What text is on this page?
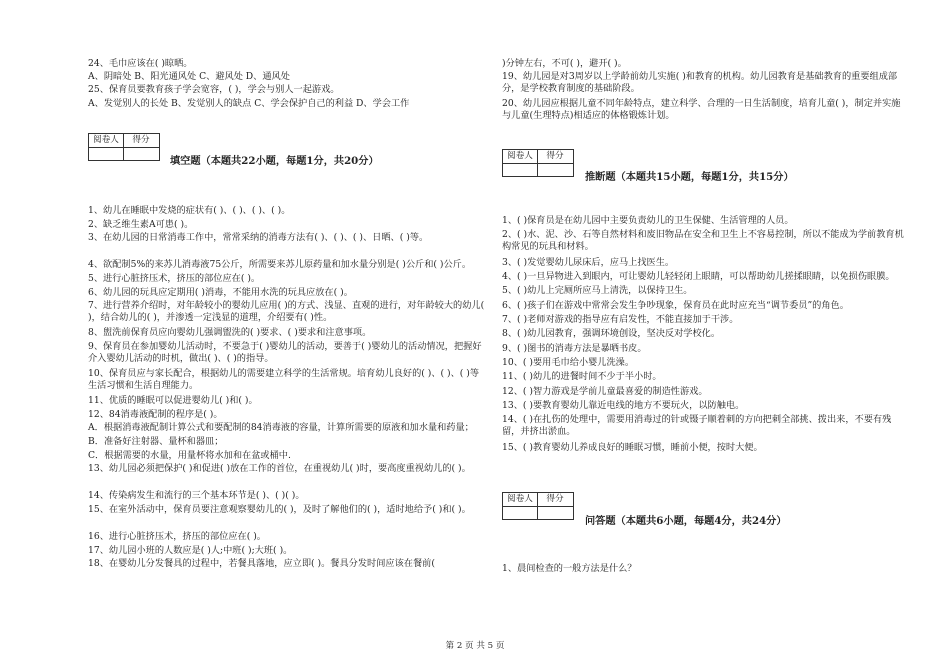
24、毛巾应该在( )晾晒。
A、阴暗处 B、阳光通风处 C、避风处 D、通风处
25、保育员要教育孩子学会宽容，( )，学会与别人一起游戏。
A、发觉别人的长处 B、发觉别人的缺点 C、学会保护自己的利益 D、学会工作
阅卷人	得分
填空题（本题共22小题，每题1分，共20分）
1、幼儿在睡眠中发烧的症状有( )、( )、( )、( )。
2、缺乏维生素A可患( )。
3、在幼儿园的日常消毒工作中，常常采纳的消毒方法有( )、( )、( )、日晒、( )等。
4、欲配制5%的来苏儿消毒液75公斤，所需要来苏儿原药量和加水量分别是( )公斤和( )公斤。
5、进行心脏挤压术，挤压的部位应在( )。
6、幼儿园的玩具应定期用( )消毒，不能用水洗的玩具应放在( )。
7、进行营养介绍时，对年龄较小的婴幼儿应用( )的方式、浅显、直观的进行，对年龄较大的幼儿( )，结合幼儿的( )，并渗透一定浅显的道理，介绍要有( )性。
8、盥洗前保育员应向婴幼儿强调盥洗的( )要求、( )要求和注意事项。
9、保育员在参加婴幼儿活动时，不要急于( )婴幼儿的活动，要善于( )婴幼儿的活动情况，把握好介入婴幼儿活动的时机，做出( )、( )的指导。
10、保育员应与家长配合，根据幼儿的需要建立科学的生活常规。培育幼儿良好的( )、( )、( )等生活习惯和生活自理能力。
11、优质的睡眠可以促进婴幼儿( )和( )。
12、84消毒液配制的程序是( )。
A．根据消毒液配制计算公式和要配制的84消毒液的容量，计算所需要的原液和加水量和药量；
B．准备好注射器、量杯和器皿；
C．根据需要的水量，用量杯将水加和在盆或桶中.
13、幼儿园必须把保护( )和促进( )放在工作的首位，在重视幼儿( )时，要高度重视幼儿的( )。
14、传染病发生和流行的三个基本环节是( )、( )( )。
15、在室外活动中，保育员要注意观察婴幼儿的( )，及时了解他们的( )，适时地给予( )和( )。
16、进行心脏挤压术，挤压的部位应在( )。
17、幼儿园小班的人数应是( )人;中班( );大班( )。
18、在婴幼儿分发餐具的过程中，若餐具落地，应立即( )。餐具分发时间应该在餐前(
)分钟左右，不可( )，避开( )。
19、幼儿园是对3周岁以上学龄前幼儿实施( )和教育的机构。幼儿园教育是基础教育的重要组成部分，是学校教育制度的基础阶段。
20、幼儿园应根据儿童不同年龄特点，建立科学、合理的一日生活制度，培育儿童( )，制定并实施与儿童(生理特点)相适应的体格锻炼计划。
阅卷人	得分
推断题（本题共15小题，每题1分，共15分）
1、( )保育员是在幼儿园中主要负责幼儿的卫生保健、生活管理的人员。
2、( )水、泥、沙、石等自然材料和废旧物品在安全和卫生上不容易控制，所以不能成为学前教育机构常见的玩具和材料。
3、( )发觉婴幼儿尿床后，应马上找医生。
4、( )一旦异物进入到眼内，可让婴幼儿轻轻闭上眼睛，可以帮助幼儿搓揉眼睛，以免损伤眼膜。
5、( )幼儿上完厕所应马上清洗，以保持卫生。
6、( )孩子们在游戏中常常会发生争吵现象，保育员在此时应充当“调节委员”的角色。
7、( )老师对游戏的指导应有启发性，不能直接加于干涉。
8、( )幼儿园教育，强调环境创设，坚决反对学校化。
9、( )图书的消毒方法是暴晒书皮。
10、( )要用毛巾给小婴儿洗澡。
11、( )幼儿的进餐时间不少于半小时。
12、( )智力游戏是学前儿童最喜爱的制造性游戏。
13、( )要教育婴幼儿靠近电线的地方不要玩火，以防触电。
14、( )在扎伤的处理中，需要用消毒过的针或镊子顺着刺的方向把刺全部挑、拨出来，不要有残留，并挤出淤血。
15、( )教育婴幼儿养成良好的睡眠习惯，睡前小便，按时大便。
阅卷人	得分
问答题（本题共6小题，每题4分，共24分）
1、晨间检查的一般方法是什么？
第 2 页 共 5 页
